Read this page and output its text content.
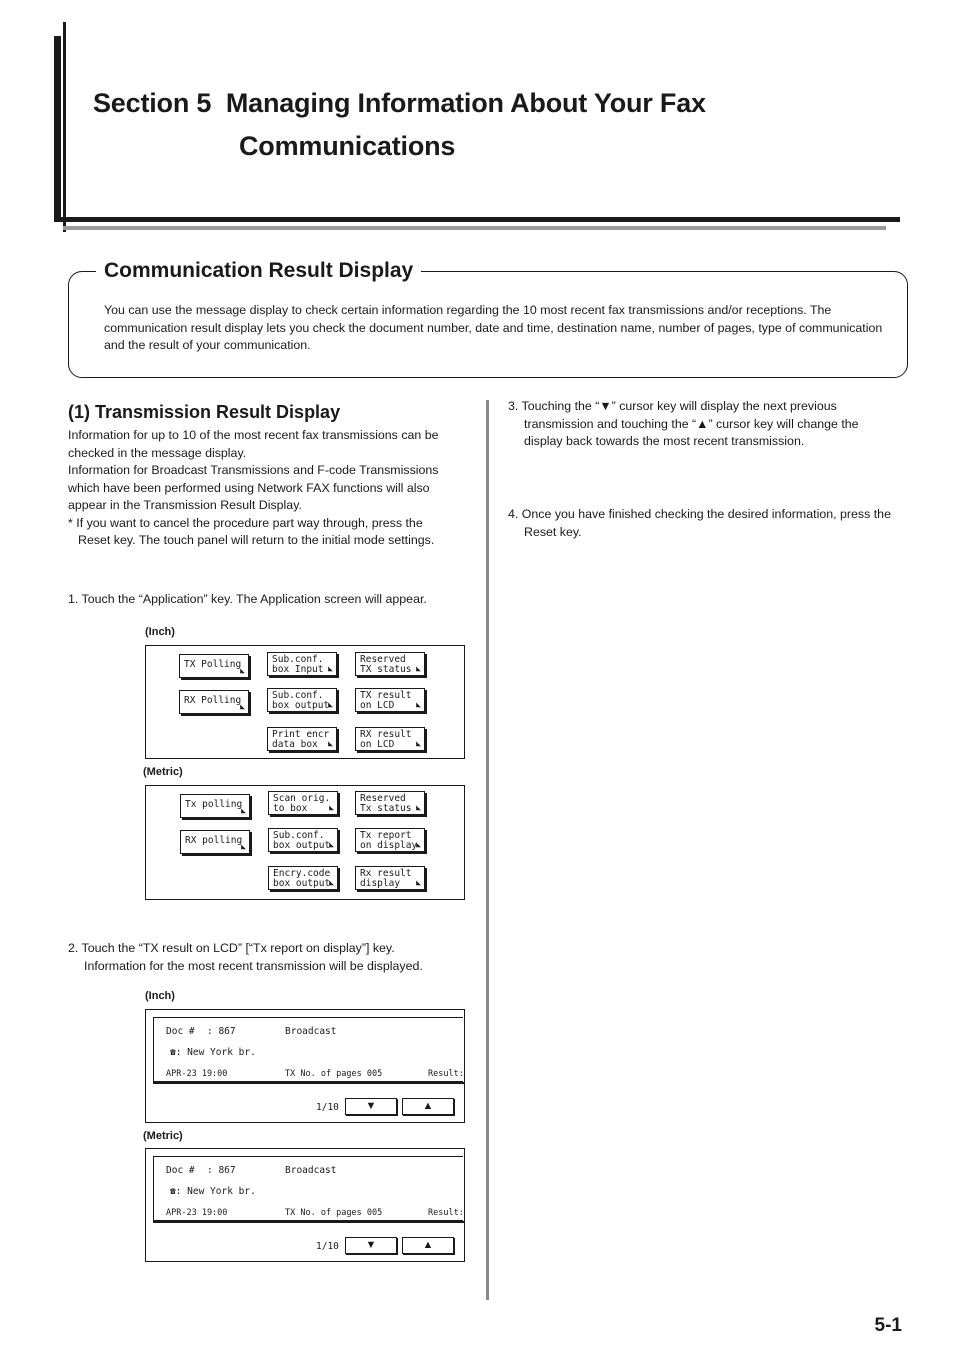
Section 5  Managing Information About Your Fax
Communications
Communication Result Display
You can use the message display to check certain information regarding the 10 most recent fax transmissions and/or receptions. The communication result display lets you check the document number, date and time, destination name, number of pages, type of communication and the result of your communication.
(1) Transmission Result Display
Information for up to 10 of the most recent fax transmissions can be checked in the message display.
Information for Broadcast Transmissions and F-code Transmissions which have been performed using Network FAX functions will also appear in the Transmission Result Display.
* If you want to cancel the procedure part way through, press the
Reset key. The touch panel will return to the initial mode settings.
1. Touch the “Application” key. The Application screen will appear.
(Inch)
TX Polling
◣
RX Polling
◣
Sub.conf.
box Input ◣
Sub.conf.
box output
◣
Print encr
data box	◣
Reserved
TX status ◣
TX result
on LCD	◣
RX result
on LCD	◣
(Metric)
Tx polling
◣
RX polling
◣
Scan orig.
to box	◣
Sub.conf.
box output
◣
Encry.code
box output
◣
Reserved
Tx status ◣
Tx report
on display
◣
Rx result
display	◣
2. Touch the “TX result on LCD” [“Tx report on display”] key.
Information for the most recent transmission will be displayed.
(Inch)
Doc # : 867	Broadcast
☎: New York br.
APR-23 19:00	TX No. of pages 005	Result:
1/10	▼	▲
(Metric)
Doc # : 867	Broadcast
☎: New York br.
APR-23 19:00	TX No. of pages 005	Result:
1/10	▼	▲
3. Touching the “▼” cursor key will display the next previous
transmission and touching the “▲” cursor key will change the
display back towards the most recent transmission.
4. Once you have finished checking the desired information, press the
Reset key.
5-1
